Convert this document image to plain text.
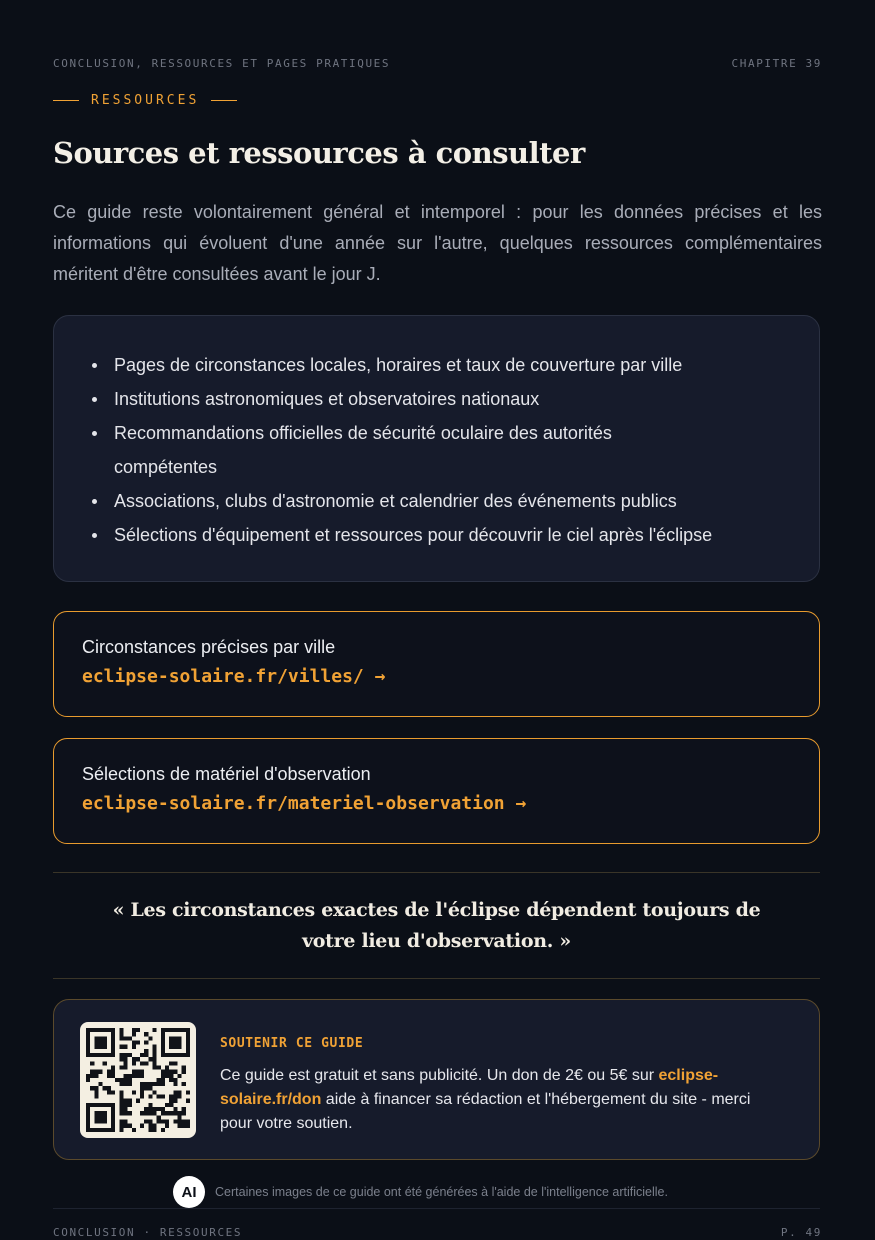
CONCLUSION, RESSOURCES ET PAGES PRATIQUES	CHAPITRE 39
RESSOURCES
Sources et ressources à consulter

Ce guide reste volontairement général et intemporel : pour les données précises et les informations qui évoluent d'une année sur l'autre, quelques ressources complémentaires méritent d'être consultées avant le jour J.

Pages de circonstances locales, horaires et taux de couverture par ville
Institutions astronomiques et observatoires nationaux
Recommandations officielles de sécurité oculaire des autorités compétentes
Associations, clubs d'astronomie et calendrier des événements publics
Sélections d'équipement et ressources pour découvrir le ciel après l'éclipse
Circonstances précises par ville
eclipse-solaire.fr/villes/ →
Sélections de matériel d'observation
eclipse-solaire.fr/materiel-observation →

« Les circonstances exactes de l'éclipse dépendent toujours de votre lieu d'observation. »

SOUTENIR CE GUIDE

Ce guide est gratuit et sans publicité. Un don de 2€ ou 5€ sur eclipse-solaire.fr/don aide à financer sa rédaction et l'hébergement du site - merci pour votre soutien.

AI	Certaines images de ce guide ont été générées à l'aide de l'intelligence artificielle.
CONCLUSION · RESSOURCES	P. 49
